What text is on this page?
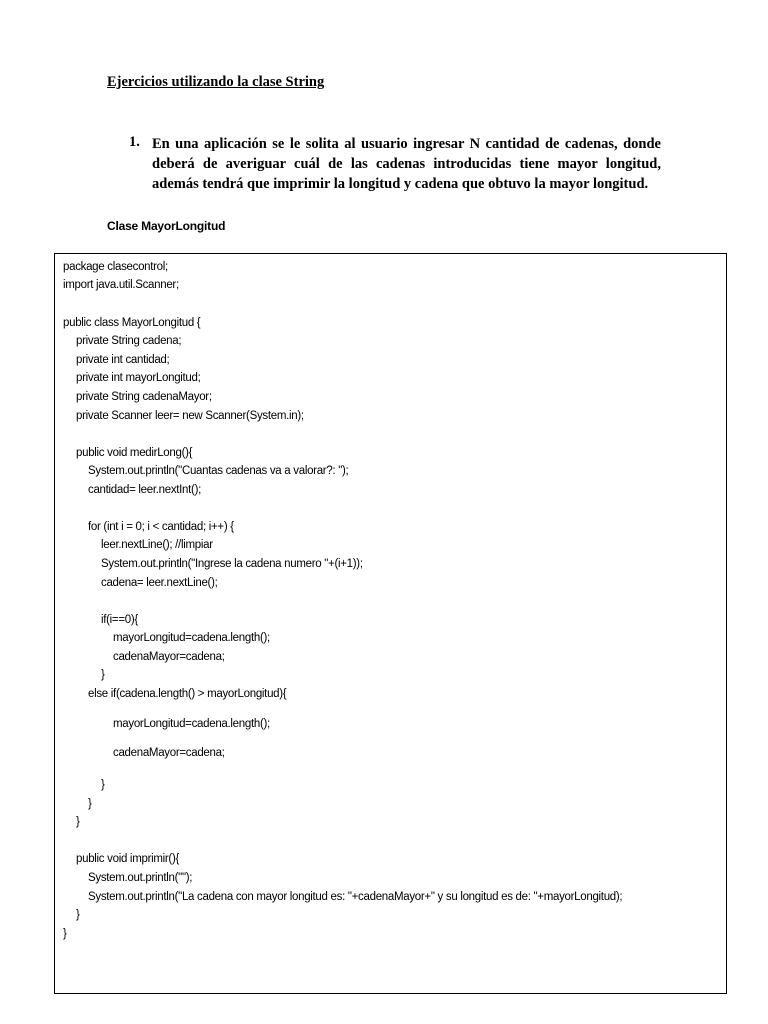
Ejercicios utilizando la clase String
1. En una aplicación se le solita al usuario ingresar N cantidad de cadenas, donde
deberá de averiguar cuál de las cadenas introducidas tiene mayor longitud,
además tendrá que imprimir la longitud y cadena que obtuvo la mayor longitud.
Clase MayorLongitud
package clasecontrol;
import java.util.Scanner;
public class MayorLongitud {
private String cadena;
private int cantidad;
private int mayorLongitud;
private String cadenaMayor;
private Scanner leer= new Scanner(System.in);
public void medirLong(){
System.out.println("Cuantas cadenas va a valorar?: ");
cantidad= leer.nextInt();
for (int i = 0; i < cantidad; i++) {
leer.nextLine(); //limpiar
System.out.println("Ingrese la cadena numero "+(i+1));
cadena= leer.nextLine();
if(i==0){
mayorLongitud=cadena.length();
cadenaMayor=cadena;
}
else if(cadena.length() > mayorLongitud){
mayorLongitud=cadena.length();
cadenaMayor=cadena;
}
}
}
public void imprimir(){
System.out.println("");
System.out.println("La cadena con mayor longitud es: "+cadenaMayor+" y su longitud es de: "+mayorLongitud);
}
}
